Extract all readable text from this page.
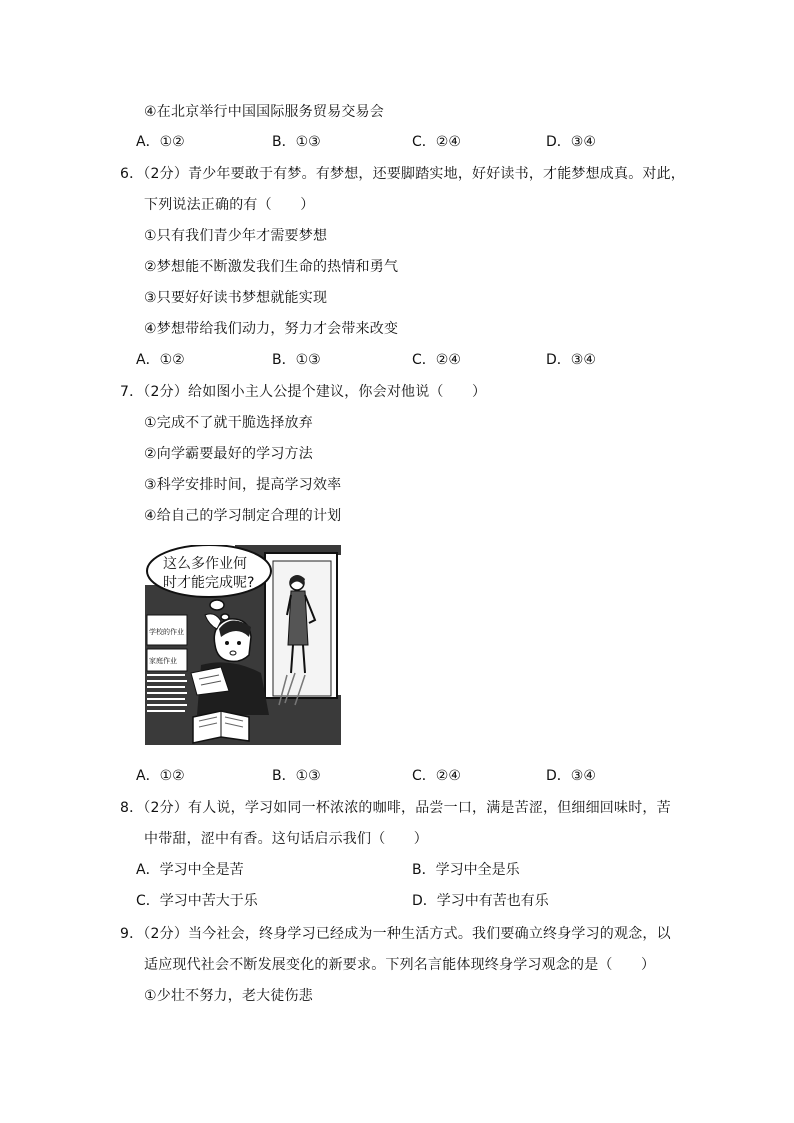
④在北京举行中国国际服务贸易交易会
A．①②	B．①③	C．②④	D．③④
6．（2分）青少年要敢于有梦。有梦想，还要脚踏实地，好好读书，才能梦想成真。对此，
下列说法正确的有（　　）
①只有我们青少年才需要梦想
②梦想能不断激发我们生命的热情和勇气
③只要好好读书梦想就能实现
④梦想带给我们动力，努力才会带来改变
A．①②	B．①③	C．②④	D．③④
7．（2分）给如图小主人公提个建议，你会对他说（　　）
①完成不了就干脆选择放弃
②向学霸要最好的学习方法
③科学安排时间，提高学习效率
④给自己的学习制定合理的计划
这么多作业何
时才能完成呢?
学校的作业
家庭作业
A．①②	B．①③	C．②④	D．③④
8．（2分）有人说，学习如同一杯浓浓的咖啡，品尝一口，满是苦涩，但细细回味时，苦
中带甜，涩中有香。这句话启示我们（　　）
A．学习中全是苦	B．学习中全是乐
C．学习中苦大于乐	D．学习中有苦也有乐
9．（2分）当今社会，终身学习已经成为一种生活方式。我们要确立终身学习的观念，以
适应现代社会不断发展变化的新要求。下列名言能体现终身学习观念的是（　　）
①少壮不努力，老大徒伤悲
